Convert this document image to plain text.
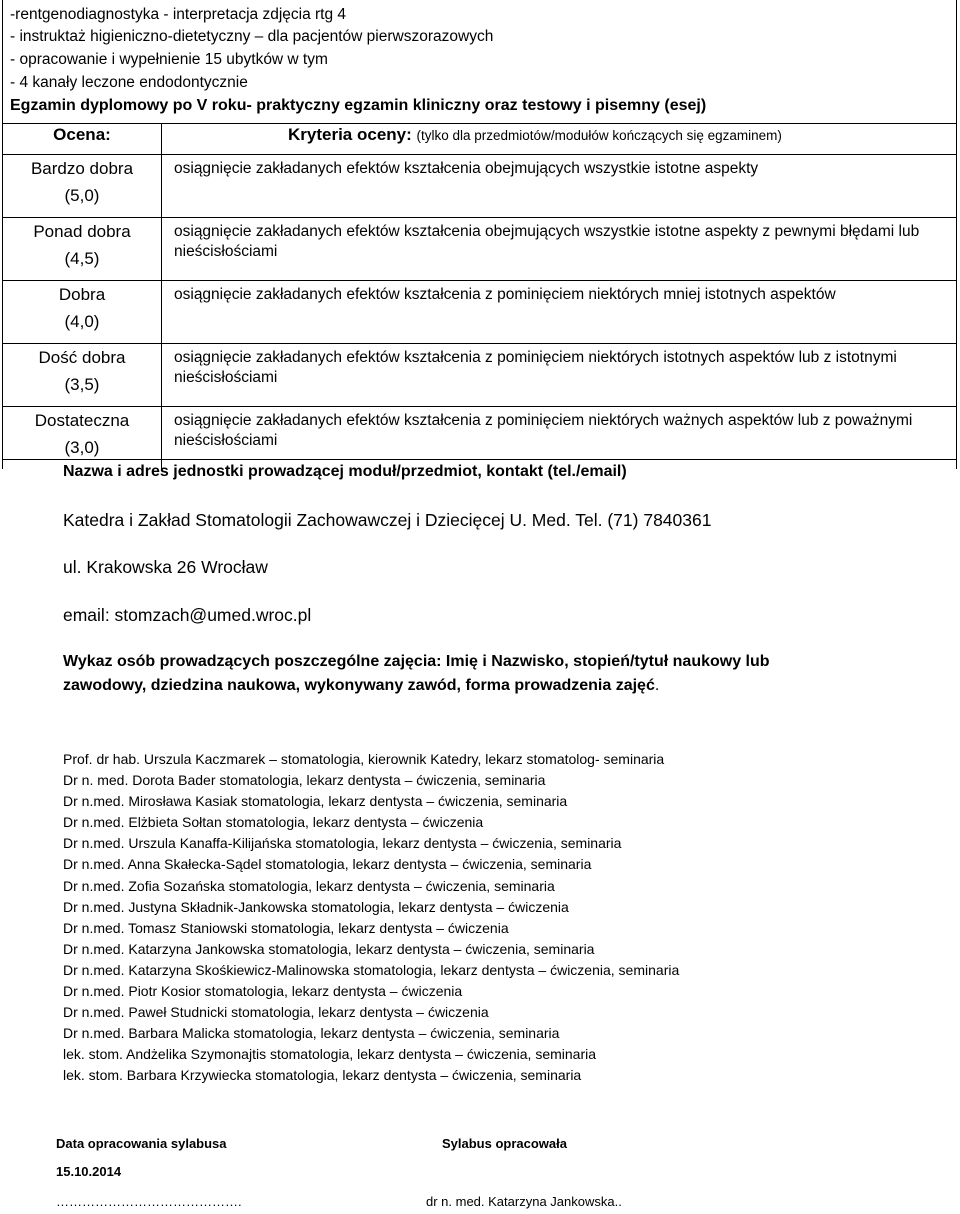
-rentgenodiagnostyka - interpretacja zdjęcia rtg 4
- instruktaż higieniczno-dietetyczny – dla pacjentów pierwszorazowych
- opracowanie i wypełnienie 15 ubytków w tym
- 4 kanały leczone endodontycznie
Egzamin dyplomowy po V roku- praktyczny egzamin kliniczny oraz testowy i pisemny (esej)
Ocena:	Kryteria oceny: (tylko dla przedmiotów/modułów kończących się egzaminem)

Bardzo dobra
(5,0)	osiągnięcie zakładanych efektów kształcenia obejmujących wszystkie istotne aspekty

Ponad dobra
(4,5)	osiągnięcie zakładanych efektów kształcenia obejmujących wszystkie istotne aspekty z pewnymi błędami lub nieścisłościami

Dobra
(4,0)	osiągnięcie zakładanych efektów kształcenia z pominięciem niektórych mniej istotnych aspektów

Dość dobra
(3,5)	osiągnięcie zakładanych efektów kształcenia z pominięciem niektórych istotnych aspektów lub z istotnymi nieścisłościami

Dostateczna
(3,0)	osiągnięcie zakładanych efektów kształcenia z pominięciem niektórych ważnych aspektów lub z poważnymi nieścisłościami
Nazwa i adres jednostki prowadzącej moduł/przedmiot, kontakt (tel./email)
Katedra i Zakład Stomatologii Zachowawczej i Dziecięcej U. Med. Tel. (71) 7840361
ul. Krakowska 26 Wrocław
email: stomzach@umed.wroc.pl
Wykaz osób prowadzących poszczególne zajęcia: Imię i Nazwisko, stopień/tytuł naukowy lub
zawodowy, dziedzina naukowa, wykonywany zawód, forma prowadzenia zajęć.
Prof. dr hab. Urszula Kaczmarek – stomatologia, kierownik Katedry, lekarz stomatolog- seminaria
Dr n. med. Dorota Bader stomatologia, lekarz dentysta – ćwiczenia, seminaria
Dr n.med. Mirosława Kasiak stomatologia, lekarz dentysta – ćwiczenia, seminaria
Dr n.med. Elżbieta Sołtan stomatologia, lekarz dentysta – ćwiczenia
Dr n.med. Urszula Kanaffa-Kilijańska stomatologia, lekarz dentysta – ćwiczenia, seminaria
Dr n.med. Anna Skałecka-Sądel stomatologia, lekarz dentysta – ćwiczenia, seminaria
Dr n.med. Zofia Sozańska stomatologia, lekarz dentysta – ćwiczenia, seminaria
Dr n.med. Justyna Składnik-Jankowska stomatologia, lekarz dentysta – ćwiczenia
Dr n.med. Tomasz Staniowski stomatologia, lekarz dentysta – ćwiczenia
Dr n.med. Katarzyna Jankowska stomatologia, lekarz dentysta – ćwiczenia, seminaria
Dr n.med. Katarzyna Skośkiewicz-Malinowska stomatologia, lekarz dentysta – ćwiczenia, seminaria
Dr n.med. Piotr Kosior stomatologia, lekarz dentysta – ćwiczenia
Dr n.med. Paweł Studnicki stomatologia, lekarz dentysta – ćwiczenia
Dr n.med. Barbara Malicka stomatologia, lekarz dentysta – ćwiczenia, seminaria
lek. stom. Andżelika Szymonajtis stomatologia, lekarz dentysta – ćwiczenia, seminaria
lek. stom. Barbara Krzywiecka stomatologia, lekarz dentysta – ćwiczenia, seminaria
Data opracowania sylabusa
15.10.2014
…………………………………….
Sylabus opracowała
dr n. med. Katarzyna Jankowska..
